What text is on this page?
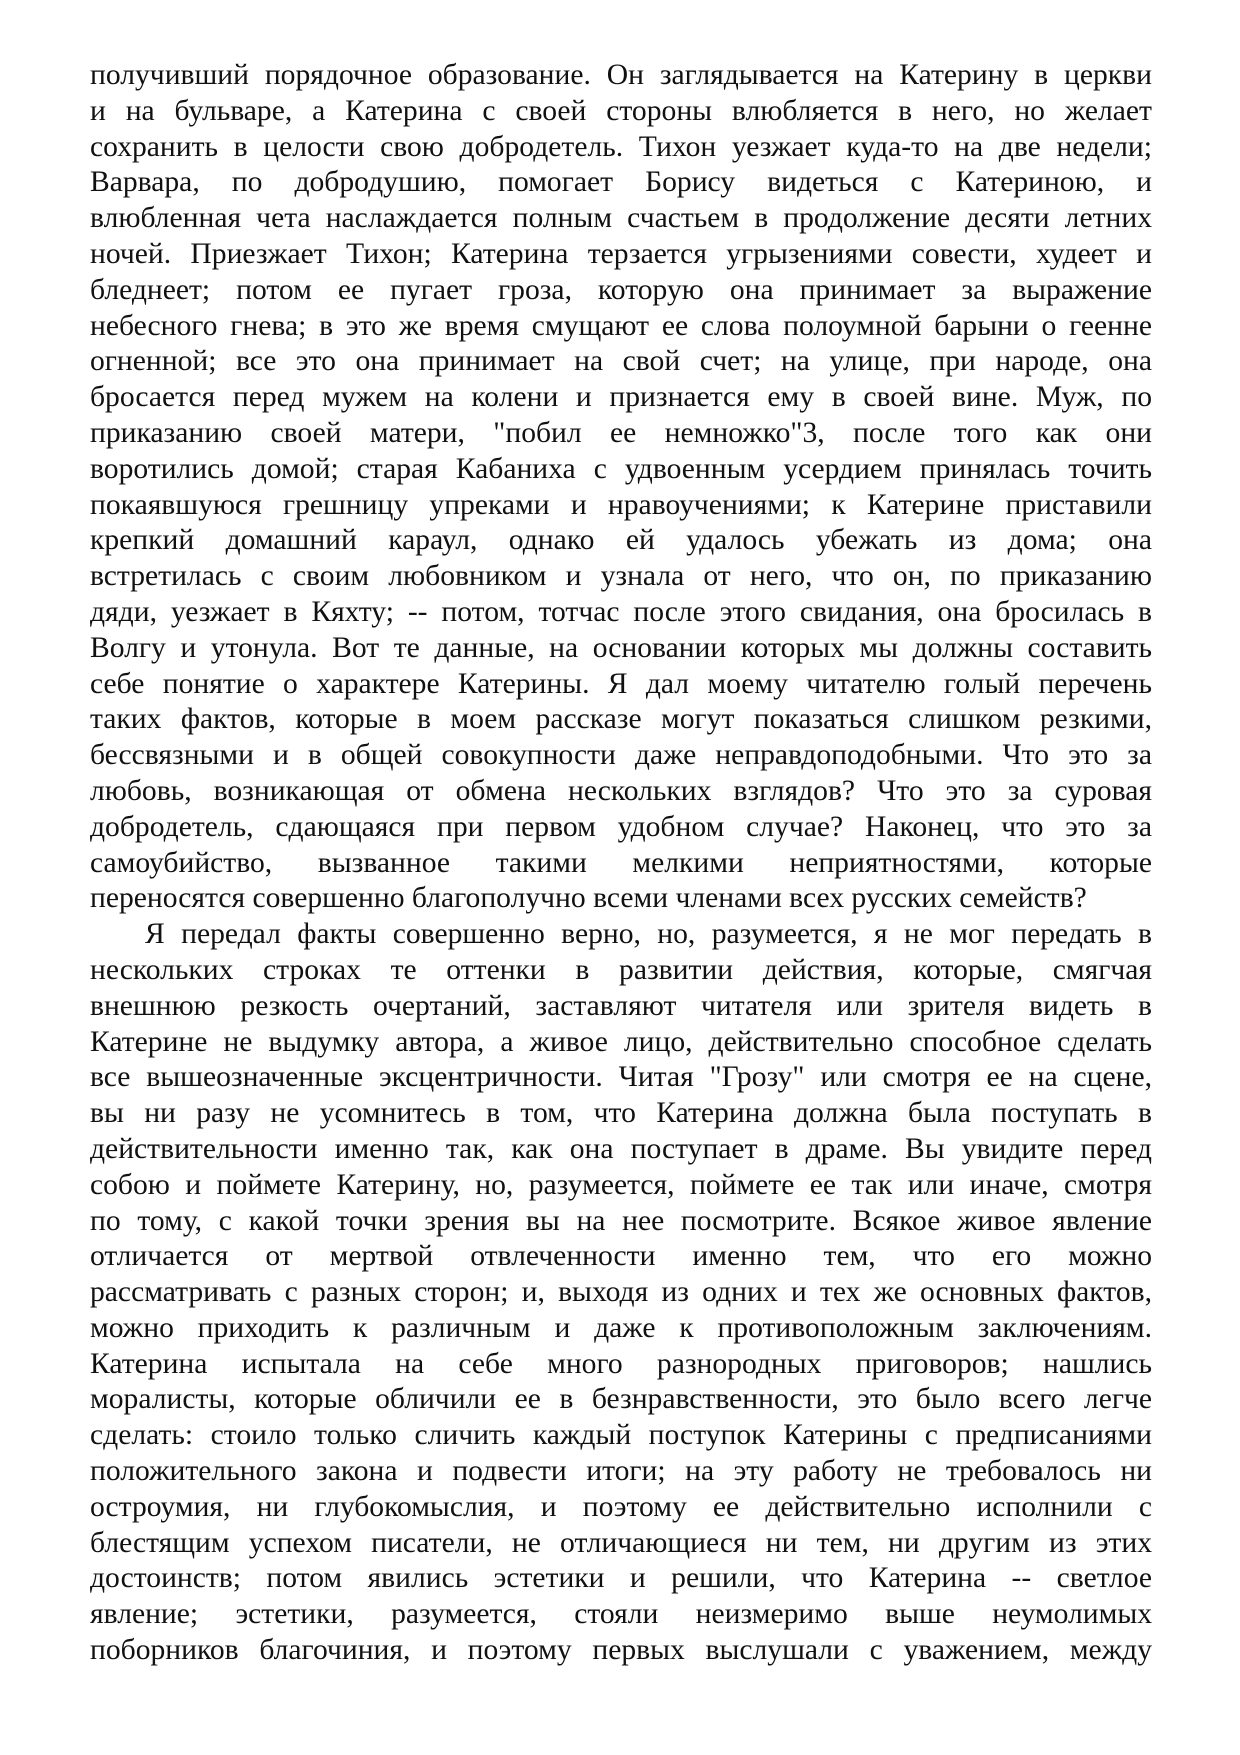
получивший порядочное образование. Он заглядывается на Катерину в церкви
и на бульваре, а Катерина с своей стороны влюбляется в него, но желает
сохранить в целости свою добродетель. Тихон уезжает куда-то на две недели;
Варвара, по добродушию, помогает Борису видеться с Катериною, и
влюбленная чета наслаждается полным счастьем в продолжение десяти летних
ночей. Приезжает Тихон; Катерина терзается угрызениями совести, худеет и
бледнеет; потом ее пугает гроза, которую она принимает за выражение
небесного гнева; в это же время смущают ее слова полоумной барыни о геенне
огненной; все это она принимает на свой счет; на улице, при народе, она
бросается перед мужем на колени и признается ему в своей вине. Муж, по
приказанию своей матери, "побил ее немножко"3, после того как они
воротились домой; старая Кабаниха с удвоенным усердием принялась точить
покаявшуюся грешницу упреками и нравоучениями; к Катерине приставили
крепкий домашний караул, однако ей удалось убежать из дома; она
встретилась с своим любовником и узнала от него, что он, по приказанию
дяди, уезжает в Кяхту; -- потом, тотчас после этого свидания, она бросилась в
Волгу и утонула. Вот те данные, на основании которых мы должны составить
себе понятие о характере Катерины. Я дал моему читателю голый перечень
таких фактов, которые в моем рассказе могут показаться слишком резкими,
бессвязными и в общей совокупности даже неправдоподобными. Что это за
любовь, возникающая от обмена нескольких взглядов? Что это за суровая
добродетель, сдающаяся при первом удобном случае? Наконец, что это за
самоубийство, вызванное такими мелкими неприятностями, которые
переносятся совершенно благополучно всеми членами всех русских семейств?
Я передал факты совершенно верно, но, разумеется, я не мог передать в
нескольких строках те оттенки в развитии действия, которые, смягчая
внешнюю резкость очертаний, заставляют читателя или зрителя видеть в
Катерине не выдумку автора, а живое лицо, действительно способное сделать
все вышеозначенные эксцентричности. Читая "Грозу" или смотря ее на сцене,
вы ни разу не усомнитесь в том, что Катерина должна была поступать в
действительности именно так, как она поступает в драме. Вы увидите перед
собою и поймете Катерину, но, разумеется, поймете ее так или иначе, смотря
по тому, с какой точки зрения вы на нее посмотрите. Всякое живое явление
отличается от мертвой отвлеченности именно тем, что его можно
рассматривать с разных сторон; и, выходя из одних и тех же основных фактов,
можно приходить к различным и даже к противоположным заключениям.
Катерина испытала на себе много разнородных приговоров; нашлись
моралисты, которые обличили ее в безнравственности, это было всего легче
сделать: стоило только сличить каждый поступок Катерины с предписаниями
положительного закона и подвести итоги; на эту работу не требовалось ни
остроумия, ни глубокомыслия, и поэтому ее действительно исполнили с
блестящим успехом писатели, не отличающиеся ни тем, ни другим из этих
достоинств; потом явились эстетики и решили, что Катерина -- светлое
явление; эстетики, разумеется, стояли неизмеримо выше неумолимых
поборников благочиния, и поэтому первых выслушали с уважением, между
